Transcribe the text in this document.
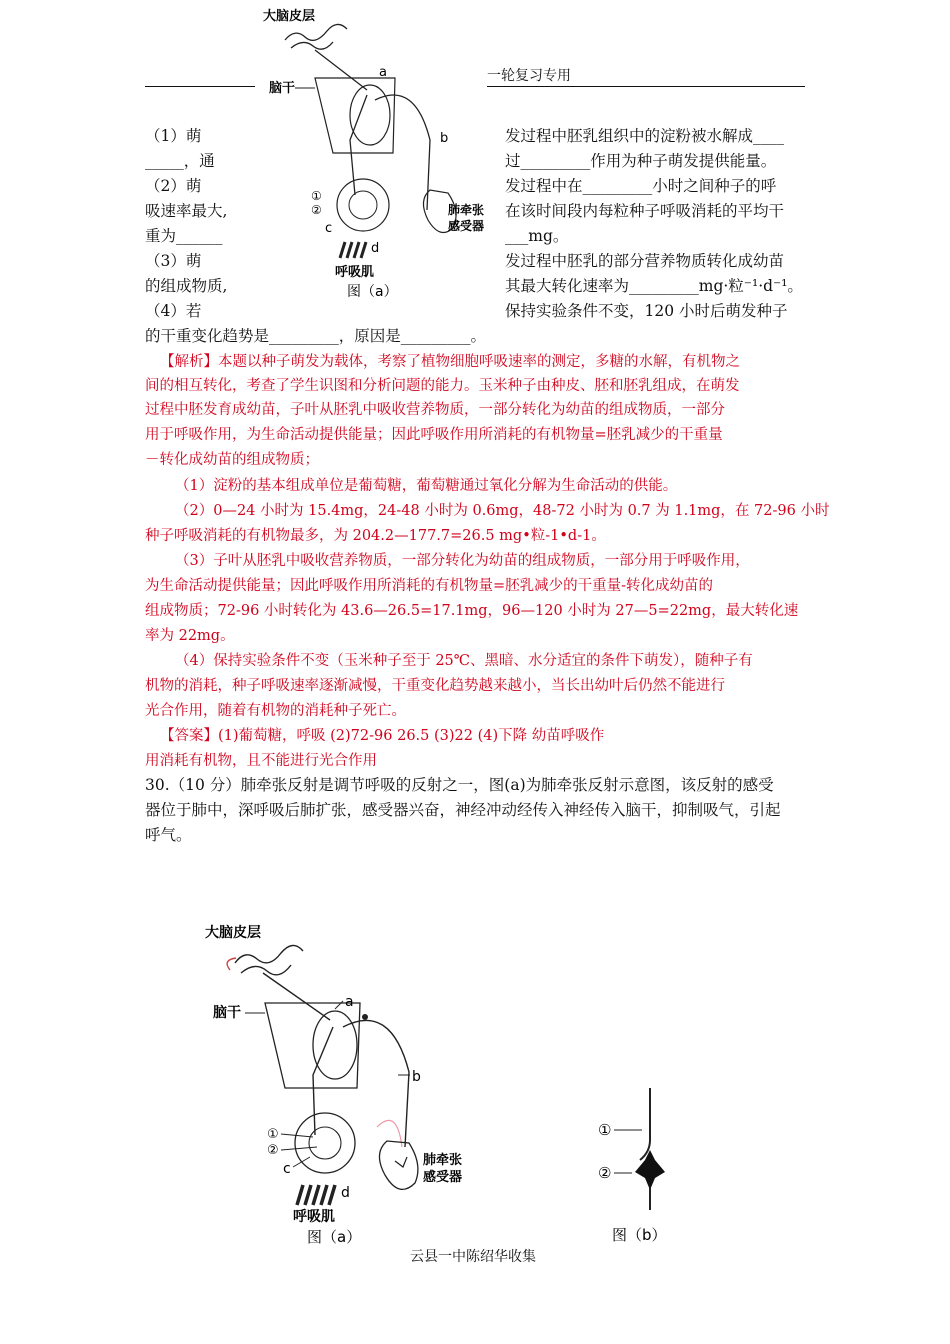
一轮复习专用
大脑皮层
脑干
a
b
①
②
c
肺牵张
感受器
d
呼吸肌
图（a）
（1）萌	发过程中胚乳组织中的淀粉被水解成____
_____，通	过_________作用为种子萌发提供能量。
（2）萌	发过程中在_________小时之间种子的呼
吸速率最大,	在该时间段内每粒种子呼吸消耗的平均干
重为______	___mg。
（3）萌	发过程中胚乳的部分营养物质转化成幼苗
的组成物质,	其最大转化速率为_________mg·粒⁻¹·d⁻¹。
（4）若	保持实验条件不变，120 小时后萌发种子
的干重变化趋势是_________，原因是_________。
【解析】本题以种子萌发为载体，考察了植物细胞呼吸速率的测定，多糖的水解，有机物之
间的相互转化，考查了学生识图和分析问题的能力。玉米种子由种皮、胚和胚乳组成，在萌发
过程中胚发育成幼苗，子叶从胚乳中吸收营养物质，一部分转化为幼苗的组成物质，一部分
用于呼吸作用，为生命活动提供能量；因此呼吸作用所消耗的有机物量=胚乳减少的干重量
－转化成幼苗的组成物质；
（1）淀粉的基本组成单位是葡萄糖，葡萄糖通过氧化分解为生命活动的供能。
（2）0—24 小时为 15.4mg，24-48 小时为 0.6mg，48-72 小时为 0.7 为 1.1mg，在 72-96 小时
种子呼吸消耗的有机物最多，为 204.2—177.7=26.5 mg•粒-1•d-1。
（3）子叶从胚乳中吸收营养物质，一部分转化为幼苗的组成物质，一部分用于呼吸作用，
为生命活动提供能量；因此呼吸作用所消耗的有机物量=胚乳减少的干重量-转化成幼苗的
组成物质；72-96 小时转化为 43.6—26.5=17.1mg，96—120 小时为 27—5=22mg，最大转化速
率为 22mg。
（4）保持实验条件不变（玉米种子至于 25℃、黑暗、水分适宜的条件下萌发），随种子有
机物的消耗，种子呼吸速率逐渐减慢，干重变化趋势越来越小，当长出幼叶后仍然不能进行
光合作用，随着有机物的消耗种子死亡。
【答案】(1)葡萄糖，呼吸 (2)72-96 26.5 (3)22 (4)下降 幼苗呼吸作
用消耗有机物，且不能进行光合作用
30.（10 分）肺牵张反射是调节呼吸的反射之一，图(a)为肺牵张反射示意图，该反射的感受
器位于肺中，深呼吸后肺扩张，感受器兴奋，神经冲动经传入神经传入脑干，抑制吸气，引起
呼气。
大脑皮层
脑干
a
b
①
②
c
肺牵张
感受器
d
呼吸肌
图（a）
①
②
图（b）
云县一中陈绍华收集
